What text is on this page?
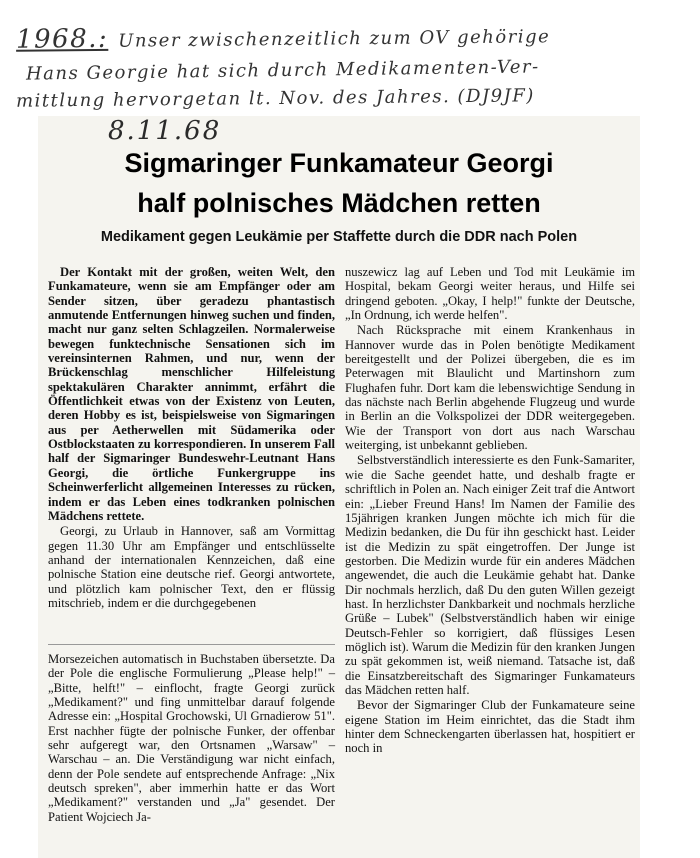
1968.: Unser zwischenzeitlich zum OV gehörige
Hans Georgie hat sich durch Medikamenten-Ver-
mittlung hervorgetan lt. Nov. des Jahres. (DJ9JF)
8.11.68
Sigmaringer Funkamateur Georgi
half polnisches Mädchen retten
Medikament gegen Leukämie per Staffette durch die DDR nach Polen

Der Kontakt mit der großen, weiten Welt, den Funkamateure, wenn sie am Empfänger oder am Sender sitzen, über geradezu phantastisch anmutende Entfernungen hinweg suchen und finden, macht nur ganz selten Schlagzeilen. Normalerweise bewegen funktechnische Sensationen sich im vereinsinternen Rahmen, und nur, wenn der Brückenschlag menschlicher Hilfeleistung spektakulären Charakter annimmt, erfährt die Öffentlichkeit etwas von der Existenz von Leuten, deren Hobby es ist, beispielsweise von Sigmaringen aus per Aetherwellen mit Südamerika oder Ostblockstaaten zu korrespondieren. In unserem Fall half der Sigmaringer Bundeswehr-Leutnant Hans Georgi, die örtliche Funkergruppe ins Scheinwerferlicht allgemeinen Interesses zu rücken, indem er das Leben eines todkranken polnischen Mädchens rettete.

Georgi, zu Urlaub in Hannover, saß am Vormittag gegen 11.30 Uhr am Empfänger und entschlüsselte anhand der internationalen Kennzeichen, daß eine polnische Station eine deutsche rief. Georgi antwortete, und plötzlich kam polnischer Text, den er flüssig mitschrieb, indem er die durchgegebenen

Morsezeichen automatisch in Buchstaben übersetzte. Da der Pole die englische Formulierung „Please help!" – „Bitte, helft!" – einflocht, fragte Georgi zurück „Medikament?" und fing unmittelbar darauf folgende Adresse ein: „Hospital Grochowski, Ul Grnadierow 51". Erst nachher fügte der polnische Funker, der offenbar sehr aufgeregt war, den Ortsnamen „Warsaw" – Warschau – an. Die Verständigung war nicht einfach, denn der Pole sendete auf entsprechende Anfrage: „Nix deutsch spreken", aber immerhin hatte er das Wort „Medikament?" verstanden und „Ja" gesendet. Der Patient Wojciech Ja-

nuszewicz lag auf Leben und Tod mit Leukämie im Hospital, bekam Georgi weiter heraus, und Hilfe sei dringend geboten. „Okay, I help!" funkte der Deutsche, „In Ordnung, ich werde helfen".

Nach Rücksprache mit einem Krankenhaus in Hannover wurde das in Polen benötigte Medikament bereitgestellt und der Polizei übergeben, die es im Peterwagen mit Blaulicht und Martinshorn zum Flughafen fuhr. Dort kam die lebenswichtige Sendung in das nächste nach Berlin abgehende Flugzeug und wurde in Berlin an die Volkspolizei der DDR weitergegeben. Wie der Transport von dort aus nach Warschau weiterging, ist unbekannt geblieben.

Selbstverständlich interessierte es den Funk-Samariter, wie die Sache geendet hatte, und deshalb fragte er schriftlich in Polen an. Nach einiger Zeit traf die Antwort ein: „Lieber Freund Hans! Im Namen der Familie des 15jährigen kranken Jungen möchte ich mich für die Medizin bedanken, die Du für ihn geschickt hast. Leider ist die Medizin zu spät eingetroffen. Der Junge ist gestorben. Die Medizin wurde für ein anderes Mädchen angewendet, die auch die Leukämie gehabt hat. Danke Dir nochmals herzlich, daß Du den guten Willen gezeigt hast. In herzlichster Dankbarkeit und nochmals herzliche Grüße – Lubek" (Selbstverständlich haben wir einige Deutsch-Fehler so korrigiert, daß flüssiges Lesen möglich ist). Warum die Medizin für den kranken Jungen zu spät gekommen ist, weiß niemand. Tatsache ist, daß die Einsatzbereitschaft des Sigmaringer Funkamateurs das Mädchen retten half.

Bevor der Sigmaringer Club der Funkamateure seine eigene Station im Heim einrichtet, das die Stadt ihm hinter dem Schneckengarten überlassen hat, hospitiert er noch in
